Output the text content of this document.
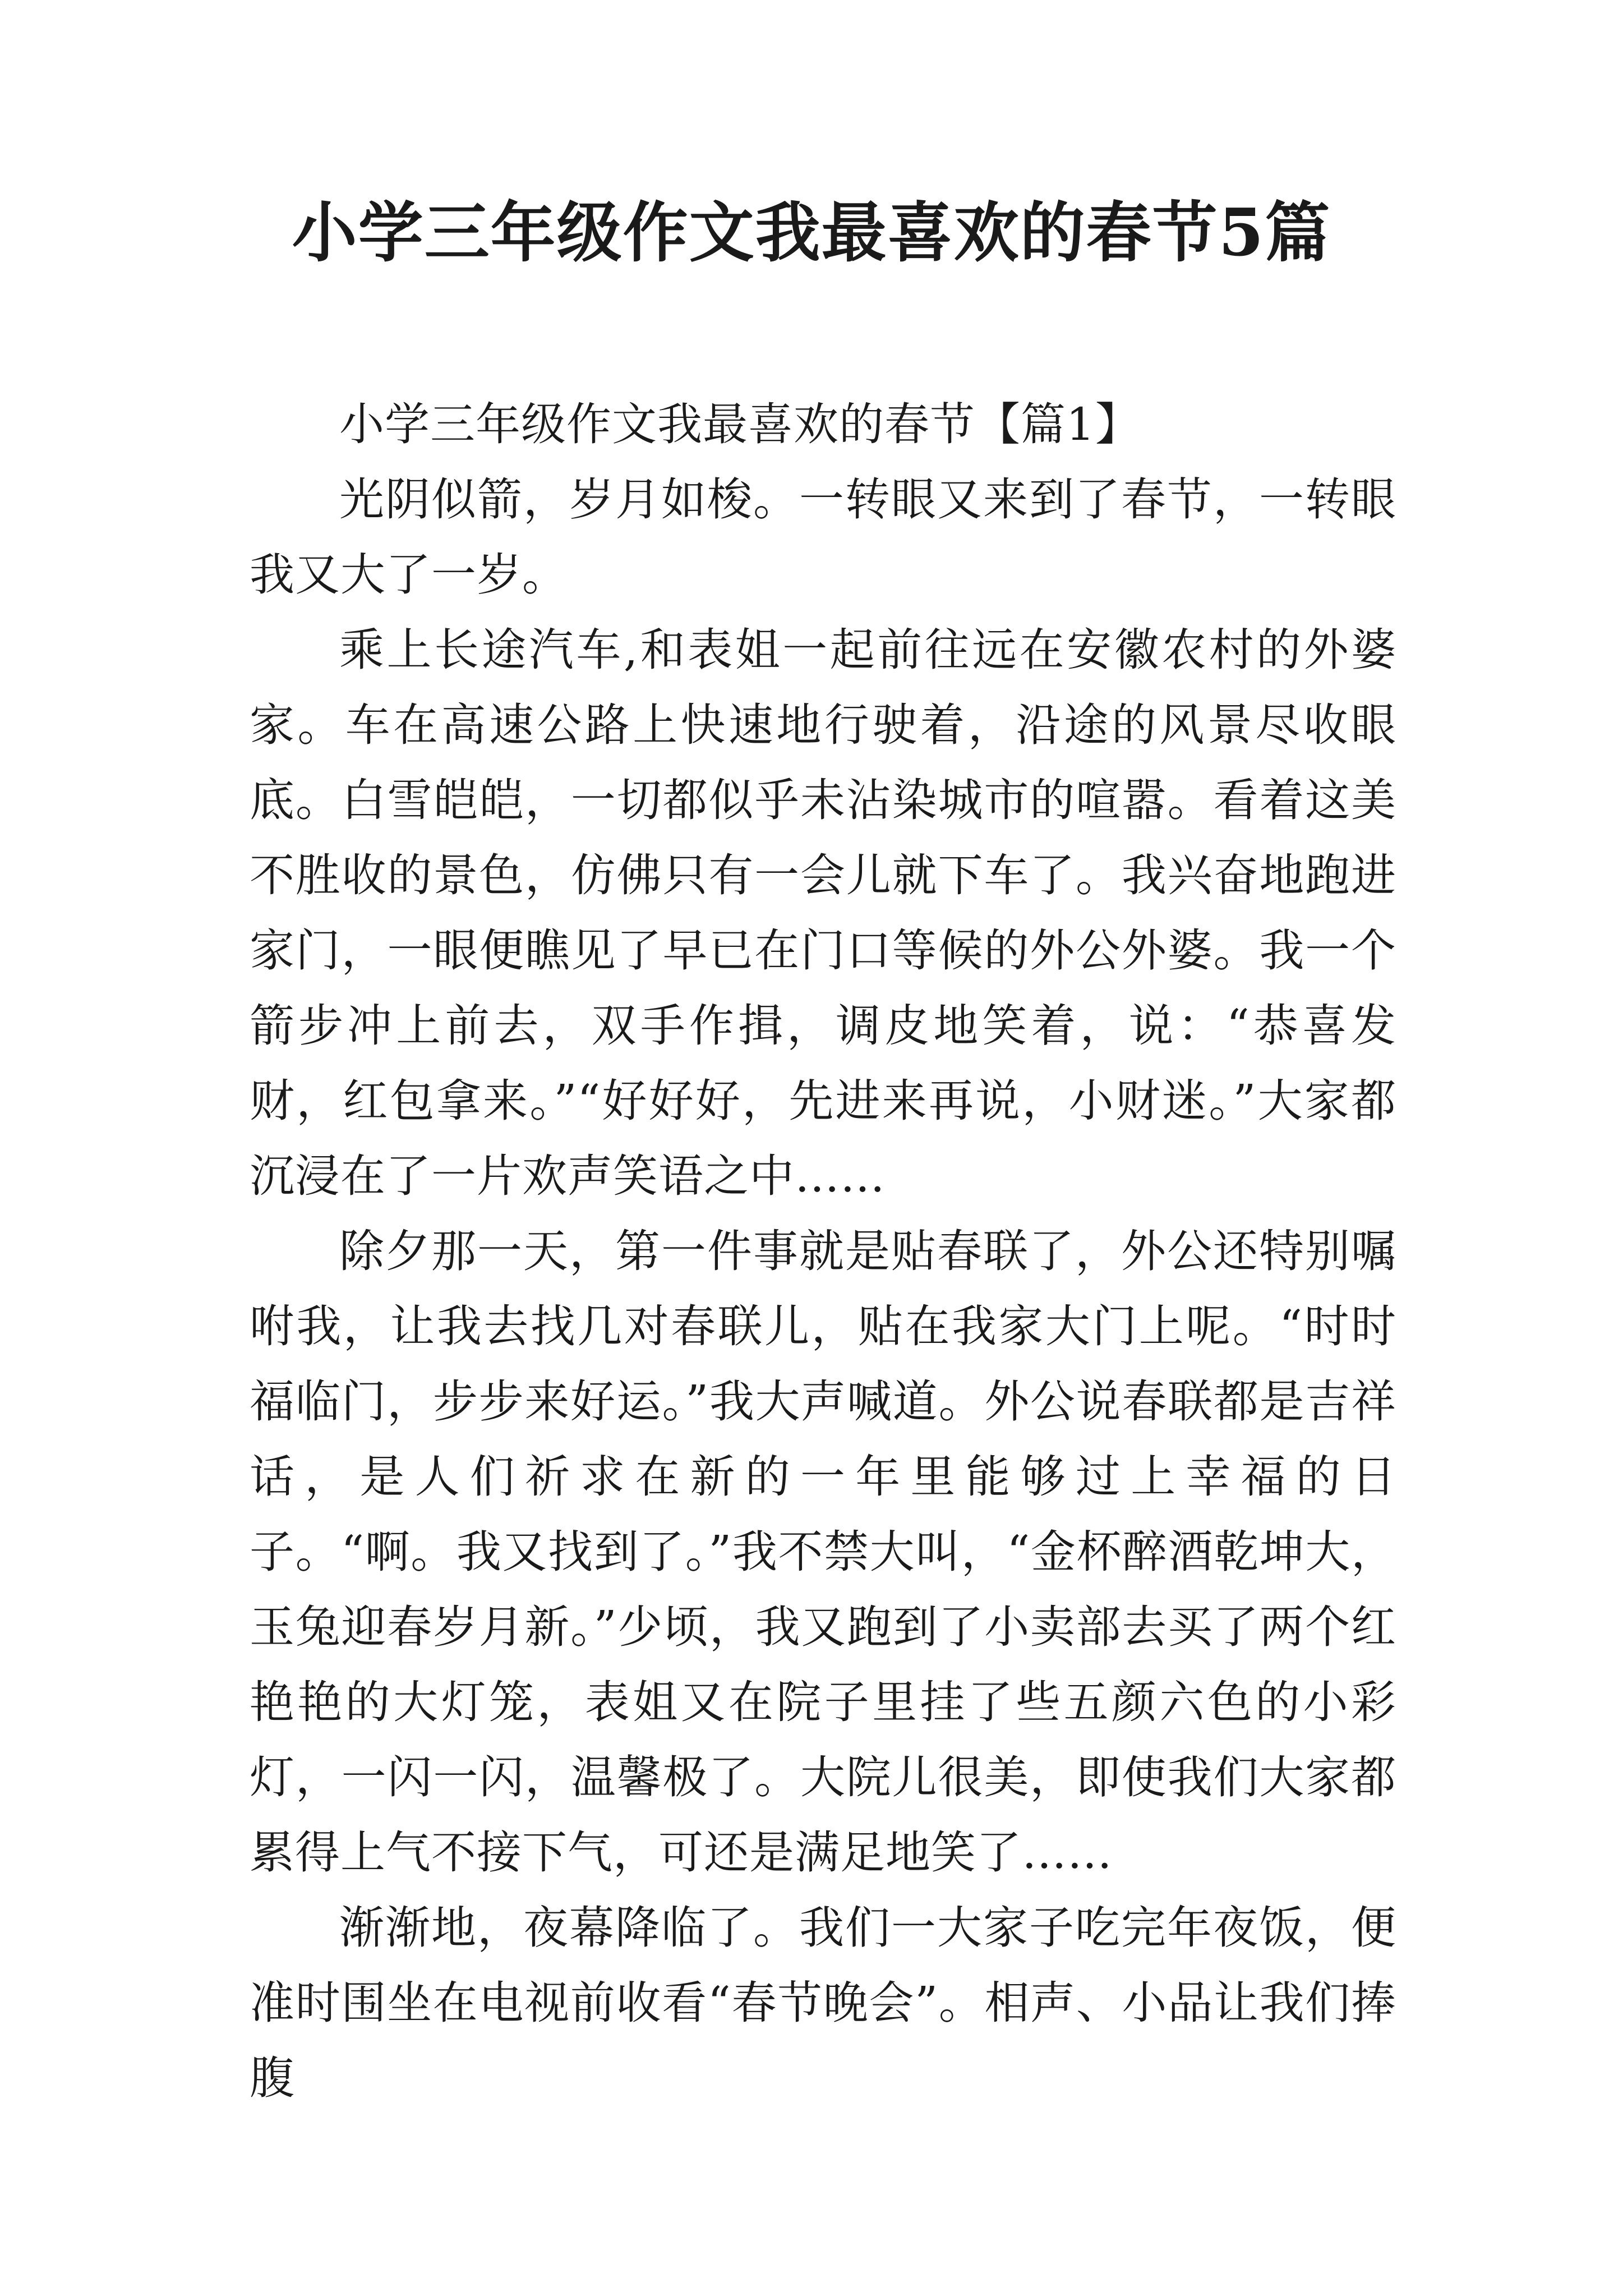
小学三年级作文我最喜欢的春节5篇

小学三年级作文我最喜欢的春节【篇1】

光阴似箭，岁月如梭。一转眼又来到了春节，一转眼我又大了一岁。

乘上长途汽车,和表姐一起前往远在安徽农村的外婆家。车在高速公路上快速地行驶着，沿途的风景尽收眼底。白雪皑皑，一切都似乎未沾染城市的喧嚣。看着这美不胜收的景色，仿佛只有一会儿就下车了。我兴奋地跑进家门，一眼便瞧见了早已在门口等候的外公外婆。我一个箭步冲上前去，双手作揖，调皮地笑着，说：“恭喜发财，红包拿来。”“好好好，先进来再说，小财迷。”大家都沉浸在了一片欢声笑语之中……

除夕那一天，第一件事就是贴春联了，外公还特别嘱咐我，让我去找几对春联儿，贴在我家大门上呢。“时时福临门，步步来好运。”我大声喊道。外公说春联都是吉祥话，是人们祈求在新的一年里能够过上幸福的日子。“啊。我又找到了。”我不禁大叫，“金杯醉酒乾坤大，玉兔迎春岁月新。”少顷，我又跑到了小卖部去买了两个红艳艳的大灯笼，表姐又在院子里挂了些五颜六色的小彩灯，一闪一闪，温馨极了。大院儿很美，即使我们大家都累得上气不接下气，可还是满足地笑了……

渐渐地，夜幕降临了。我们一大家子吃完年夜饭，便准时围坐在电视前收看“春节晚会”。相声、小品让我们捧腹
